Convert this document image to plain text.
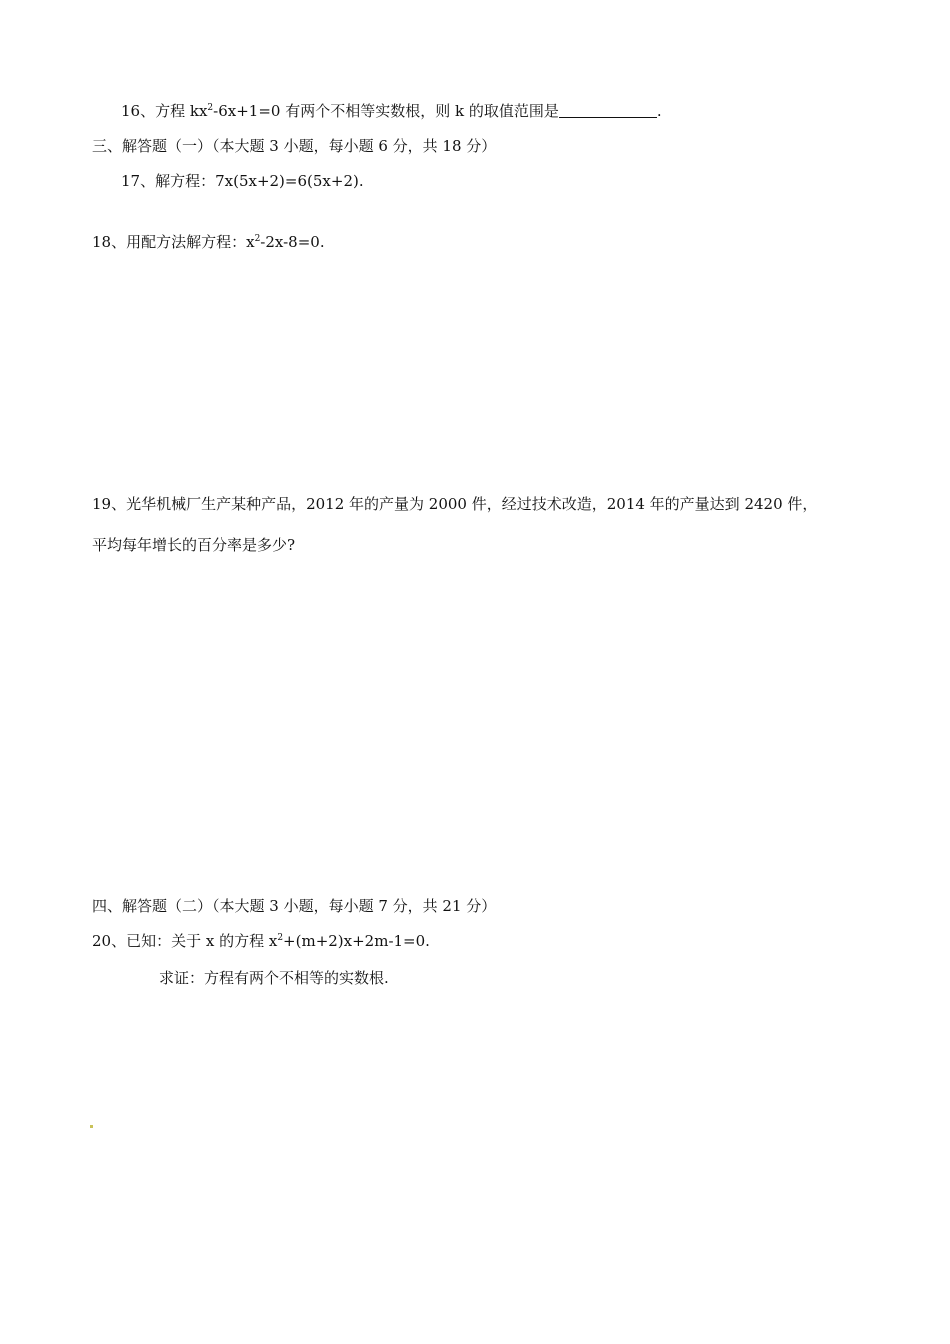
16、方程 $kx^2-6x+1=0$ 有两个不相等实数根，则 k 的取值范围是	.
三、解答题（一）（本大题 3 小题，每小题 6 分，共 18 分）
17、解方程：7x(5x+2)=6(5x+2).
18、用配方法解方程：$x^2-2x-8=0$.
19、光华机械厂生产某种产品，2012 年的产量为 2000 件，经过技术改造，2014 年的产量达到 2420 件，
平均每年增长的百分率是多少?
四、解答题（二）（本大题 3 小题，每小题 7 分，共 21 分）
20、已知：关于 x 的方程 $x^2+(m+2)x+2m-1=0$.
求证：方程有两个不相等的实数根.
